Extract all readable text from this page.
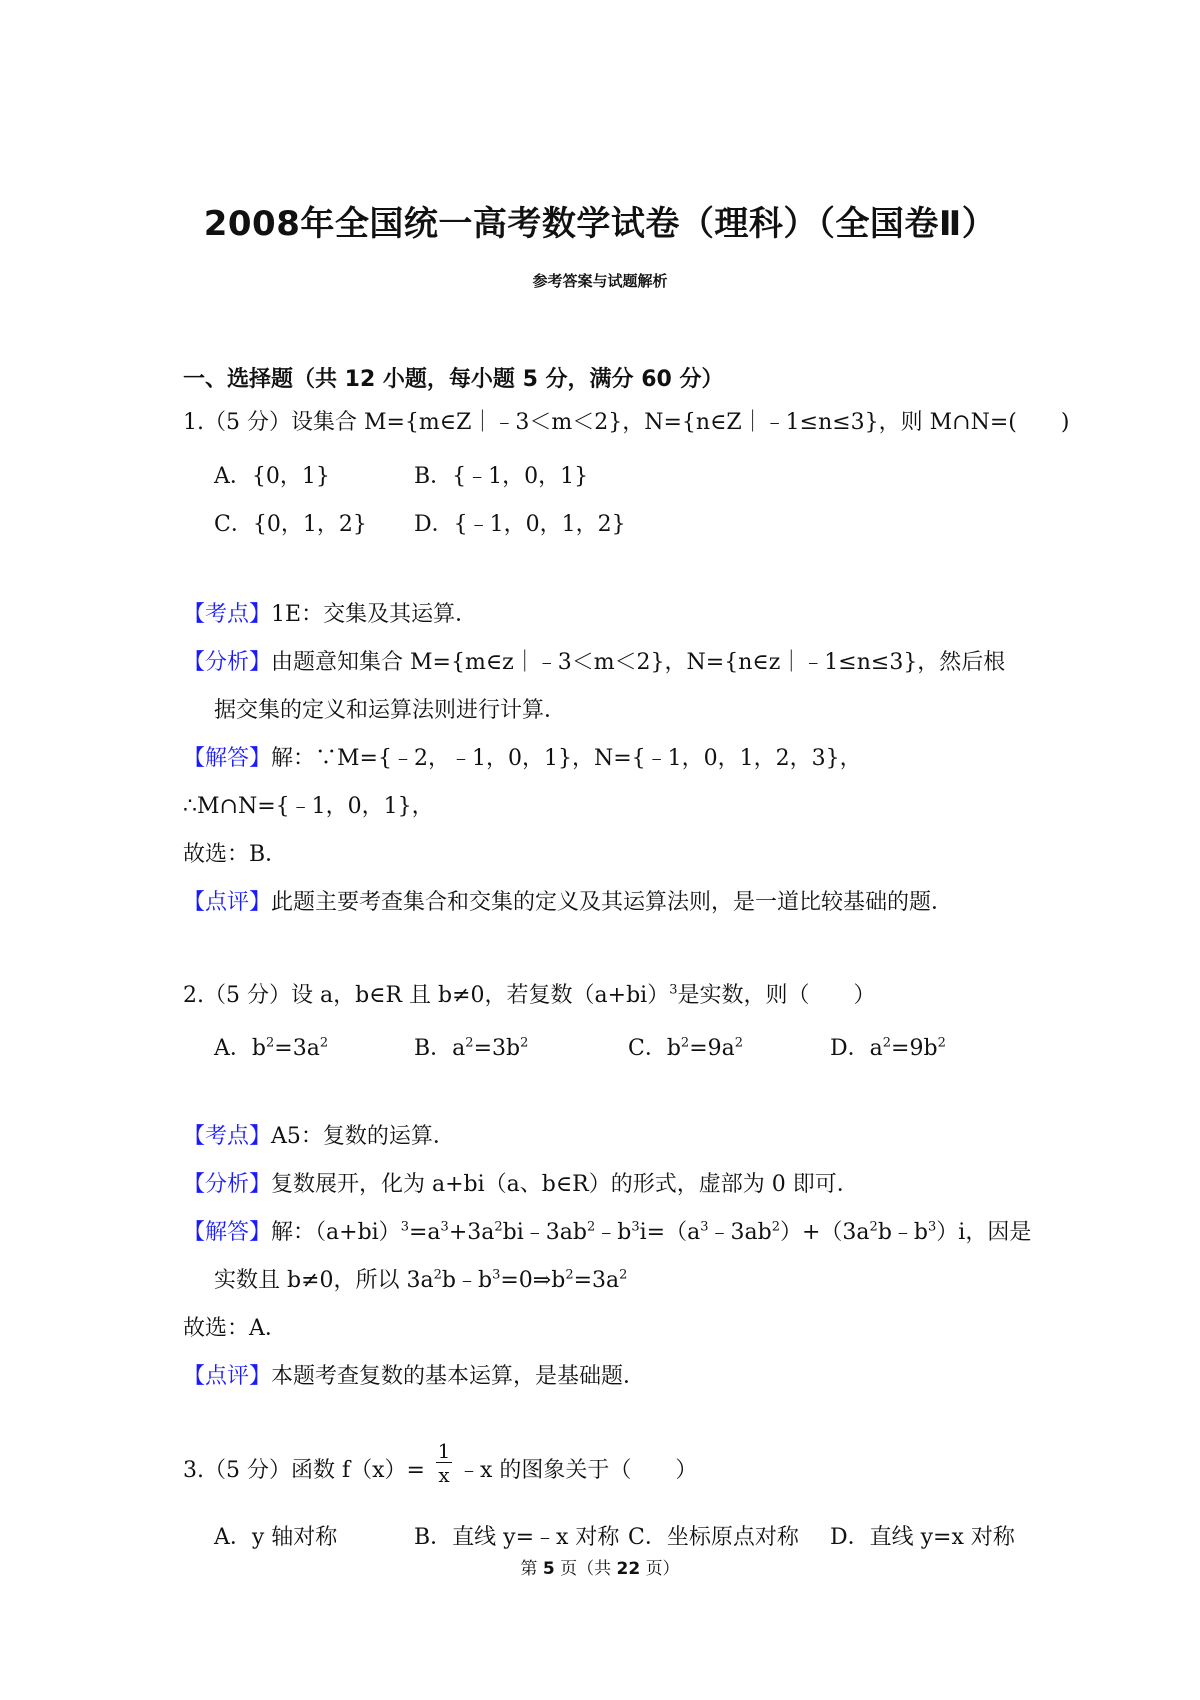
2008年全国统一高考数学试卷（理科）（全国卷Ⅱ）
参考答案与试题解析
一、选择题（共 12 小题，每小题 5 分，满分 60 分）
1.（5 分）设集合 M={m∈Z｜﹣3＜m＜2}，N={n∈Z｜﹣1≤n≤3}，则 M∩N=(　　)
A．{0，1}	B．{﹣1，0，1}
C．{0，1，2} D．{﹣1，0，1，2}
【考点】1E：交集及其运算．
【分析】由题意知集合 M={m∈z｜﹣3＜m＜2}，N={n∈z｜﹣1≤n≤3}，然后根
据交集的定义和运算法则进行计算．
【解答】解：∵M={﹣2，﹣1，0，1}，N={﹣1，0，1，2，3}，
∴M∩N={﹣1，0，1}，
故选：B．
【点评】此题主要考查集合和交集的定义及其运算法则，是一道比较基础的题．
2.（5 分）设 a，b∈R 且 b≠0，若复数$(a+bi)^3$是实数，则（　　）
A．$b^2=3a^2$	B．$a^2=3b^2$	C．$b^2=9a^2$	D．$a^2=9b^2$
【考点】A5：复数的运算．
【分析】复数展开，化为 a+bi（a、b∈R）的形式，虚部为 0 即可．
【解答】解：$(a+bi)^3=a^3+3a^2bi﹣3ab^2﹣b^3i=(a^3﹣3ab^2)+(3a^2b﹣b^3)i$，因是
实数且 b≠0，所以 $3a^2b﹣b^3=0\Rightarrow b^2=3a^2$
故选：A．
【点评】本题考查复数的基本运算，是基础题．
3.（5 分）函数 $f(x)= \frac{1}{x}$ ﹣x 的图象关于（　　）
A．y 轴对称	B．直线 y=﹣x 对称 C．坐标原点对称 D．直线 y=x 对称
第 5 页（共 22 页）
